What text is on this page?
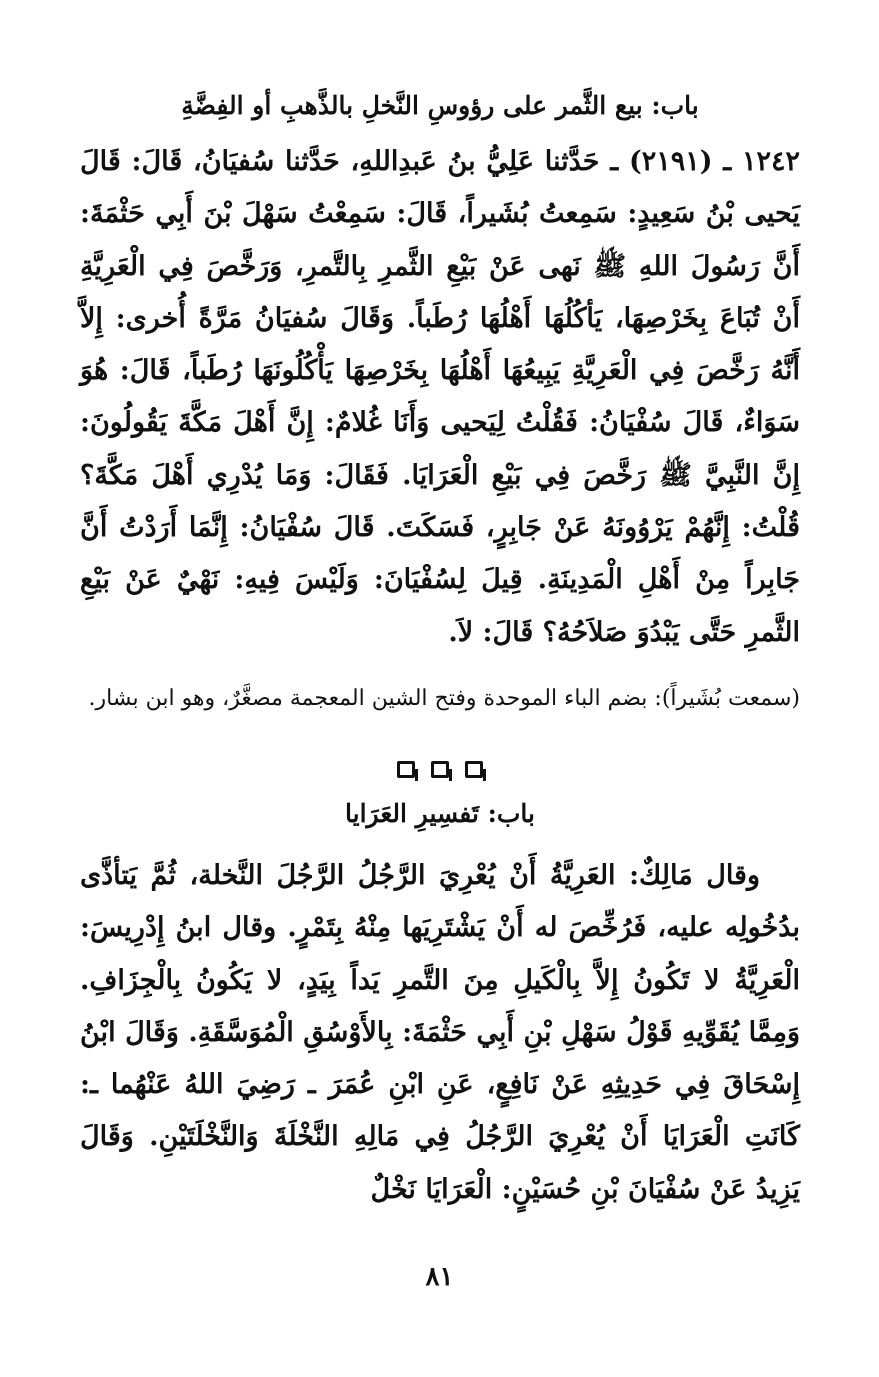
باب: بيع الثَّمر على رؤوسِ النَّخلِ بالذَّهبِ أو الفِضَّةِ

١٢٤٢ ـ (٢١٩١) ـ حَدَّثنا عَلِيُّ بنُ عَبدِاللهِ، حَدَّثنا سُفيَانُ، قَالَ: قَالَ يَحيى بْنُ سَعِيدٍ: سَمِعتُ بُشَيراً، قَالَ: سَمِعْتُ سَهْلَ بْنَ أَبِي حَثْمَةَ: أَنَّ رَسُولَ اللهِ ﷺ نَهى عَنْ بَيْعِ الثَّمرِ بِالتَّمرِ، وَرَخَّصَ فِي الْعَرِيَّةِ أَنْ تُبَاعَ بِخَرْصِهَا، يَأكُلُهَا أَهْلُهَا رُطَباً. وَقَالَ سُفيَانُ مَرَّةً أُخرى: إِلاَّ أَنَّهُ رَخَّصَ فِي الْعَرِيَّةِ يَبِيعُهَا أَهْلُهَا بِخَرْصِهَا يَأْكُلُونَهَا رُطَباً، قَالَ: هُوَ سَوَاءٌ، قَالَ سُفْيَانُ: فَقُلْتُ لِيَحيى وَأَنَا غُلامٌ: إِنَّ أَهْلَ مَكَّةَ يَقُولُونَ: إِنَّ النَّبِيَّ ﷺ رَخَّصَ فِي بَيْعِ الْعَرَايَا. فَقَالَ: وَمَا يُدْرِي أَهْلَ مَكَّةَ؟ قُلْتُ: إِنَّهُمْ يَرْوُونَهُ عَنْ جَابِرٍ، فَسَكَتَ. قَالَ سُفْيَانُ: إِنَّمَا أَرَدْتُ أَنَّ جَابِراً مِنْ أَهْلِ الْمَدِينَةِ. قِيلَ لِسُفْيَانَ: وَلَيْسَ فِيهِ: نَهْيٌ عَنْ بَيْعِ الثَّمرِ حَتَّى يَبْدُوَ صَلاَحُهُ؟ قَالَ: لاَ.

(سمعت بُشَيراً): بضم الباء الموحدة وفتح الشين المعجمة مصغَّرٌ، وهو ابن بشار.

باب: تَفسِيرِ العَرَايا

وقال مَالِكٌ: العَرِيَّةُ أَنْ يُعْرِيَ الرَّجُلُ الرَّجُلَ النَّخلة، ثُمَّ يَتأذَّى بدُخُولِه عليه، فَرُخِّصَ له أَنْ يَشْتَرِيَها مِنْهُ بِتَمْرٍ. وقال ابنُ إِدْرِيسَ: الْعَرِيَّةُ لا تَكُونُ إِلاَّ بِالْكَيلِ مِنَ التَّمرِ يَداً بِيَدٍ، لا يَكُونُ بِالْجِزَافِ. وَمِمَّا يُقَوِّيهِ قَوْلُ سَهْلِ بْنِ أَبِي حَثْمَةَ: بِالأَوْسُقِ الْمُوَسَّقَةِ. وَقَالَ ابْنُ إِسْحَاقَ فِي حَدِيثِهِ عَنْ نَافِعٍ، عَنِ ابْنِ عُمَرَ ـ رَضِيَ اللهُ عَنْهُما ـ: كَانَتِ الْعَرَايَا أَنْ يُعْرِيَ الرَّجُلُ فِي مَالِهِ النَّخْلَةَ وَالنَّخْلَتَيْنِ. وَقَالَ يَزِيدُ عَنْ سُفْيَانَ بْنِ حُسَيْنٍ: الْعَرَايَا نَخْلٌ

٨١
